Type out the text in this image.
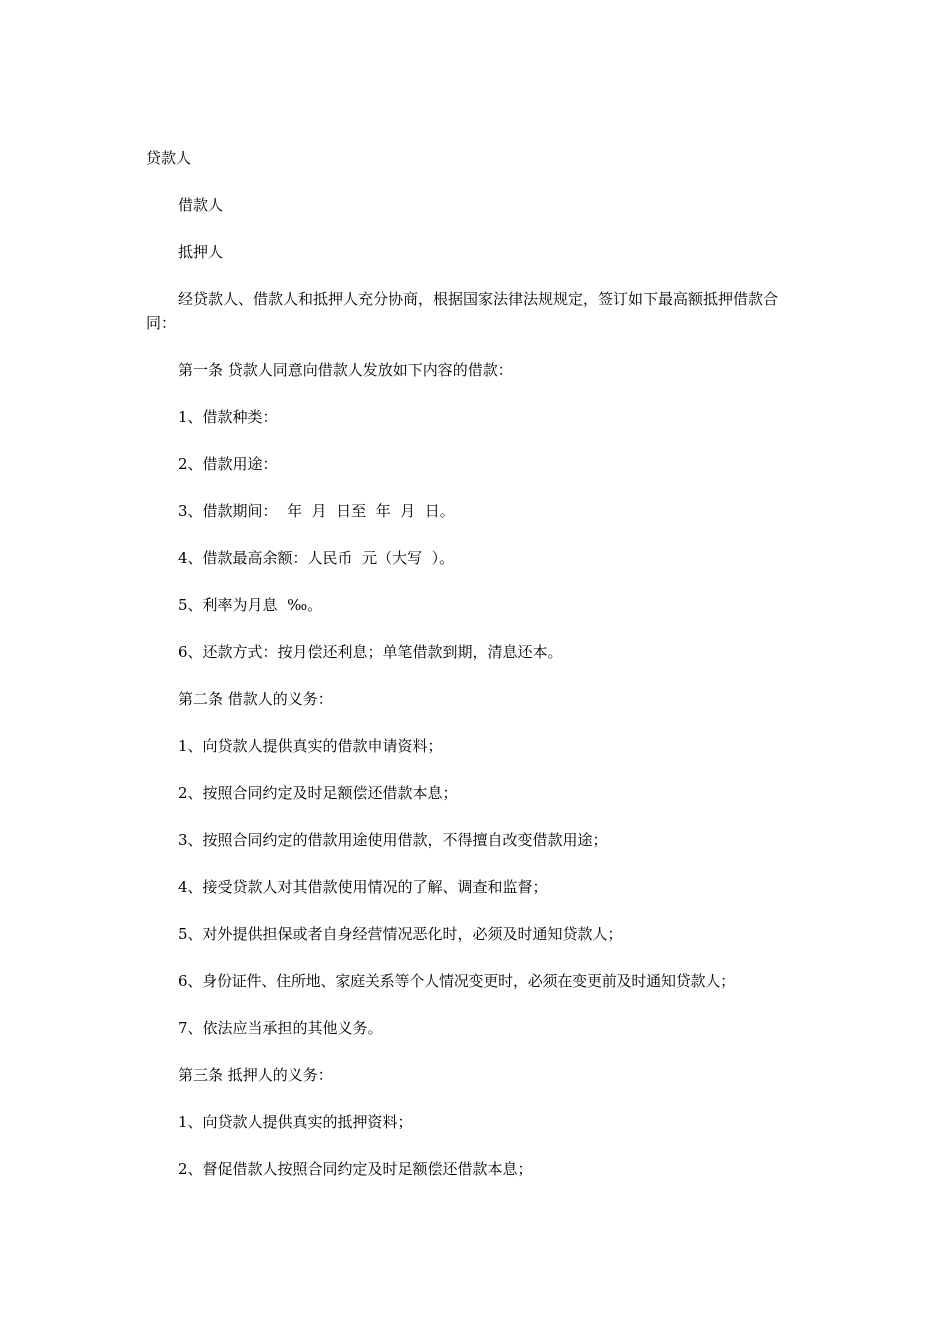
贷款人
借款人
抵押人
经贷款人、借款人和抵押人充分协商，根据国家法律法规规定，签订如下最高额抵押借款合同：
第一条 贷款人同意向借款人发放如下内容的借款：
1、借款种类：
2、借款用途：
3、借款期间：  年  月  日至  年  月  日。
4、借款最高余额：人民币  元（大写  ）。
5、利率为月息  ‰。
6、还款方式：按月偿还利息；单笔借款到期，清息还本。
第二条 借款人的义务：
1、向贷款人提供真实的借款申请资料；
2、按照合同约定及时足额偿还借款本息；
3、按照合同约定的借款用途使用借款，不得擅自改变借款用途；
4、接受贷款人对其借款使用情况的了解、调查和监督；
5、对外提供担保或者自身经营情况恶化时，必须及时通知贷款人；
6、身份证件、住所地、家庭关系等个人情况变更时，必须在变更前及时通知贷款人；
7、依法应当承担的其他义务。
第三条 抵押人的义务：
1、向贷款人提供真实的抵押资料；
2、督促借款人按照合同约定及时足额偿还借款本息；
